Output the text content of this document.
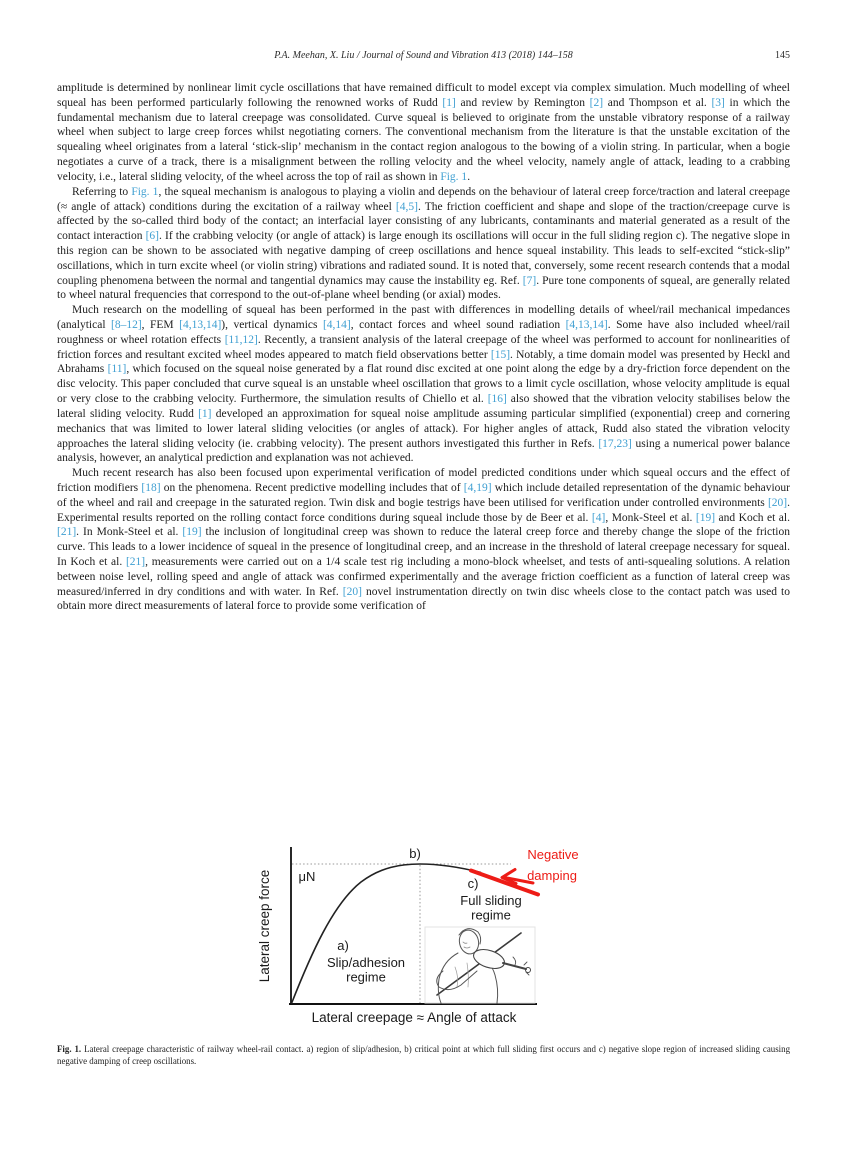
P.A. Meehan, X. Liu / Journal of Sound and Vibration 413 (2018) 144–158	145

amplitude is determined by nonlinear limit cycle oscillations that have remained difficult to model except via complex simulation. Much modelling of wheel squeal has been performed particularly following the renowned works of Rudd [1] and review by Remington [2] and Thompson et al. [3] in which the fundamental mechanism due to lateral creepage was consolidated. Curve squeal is believed to originate from the unstable vibratory response of a railway wheel when subject to large creep forces whilst negotiating corners. The conventional mechanism from the literature is that the unstable excitation of the squealing wheel originates from a lateral ‘stick-slip’ mechanism in the contact region analogous to the bowing of a violin string. In particular, when a bogie negotiates a curve of a track, there is a misalignment between the rolling velocity and the wheel velocity, namely angle of attack, leading to a crabbing velocity, i.e., lateral sliding velocity, of the wheel across the top of rail as shown in Fig. 1.

Referring to Fig. 1, the squeal mechanism is analogous to playing a violin and depends on the behaviour of lateral creep force/traction and lateral creepage (≈ angle of attack) conditions during the excitation of a railway wheel [4,5]. The friction coefficient and shape and slope of the traction/creepage curve is affected by the so-called third body of the contact; an interfacial layer consisting of any lubricants, contaminants and material generated as a result of the contact interaction [6]. If the crabbing velocity (or angle of attack) is large enough its oscillations will occur in the full sliding region c). The negative slope in this region can be shown to be associated with negative damping of creep oscillations and hence squeal instability. This leads to self-excited “stick-slip” oscillations, which in turn excite wheel (or violin string) vibrations and radiated sound. It is noted that, conversely, some recent research contends that a modal coupling phenomena between the normal and tangential dynamics may cause the instability eg. Ref. [7]. Pure tone components of squeal, are generally related to wheel natural frequencies that correspond to the out-of-plane wheel bending (or axial) modes.

Much research on the modelling of squeal has been performed in the past with differences in modelling details of wheel/rail mechanical impedances (analytical [8–12], FEM [4,13,14]), vertical dynamics [4,14], contact forces and wheel sound radiation [4,13,14]. Some have also included wheel/rail roughness or wheel rotation effects [11,12]. Recently, a transient analysis of the lateral creepage of the wheel was performed to account for nonlinearities of friction forces and resultant excited wheel modes appeared to match field observations better [15]. Notably, a time domain model was presented by Heckl and Abrahams [11], which focused on the squeal noise generated by a flat round disc excited at one point along the edge by a dry-friction force dependent on the disc velocity. This paper concluded that curve squeal is an unstable wheel oscillation that grows to a limit cycle oscillation, whose velocity amplitude is equal or very close to the crabbing velocity. Furthermore, the simulation results of Chiello et al. [16] also showed that the vibration velocity stabilises below the lateral sliding velocity. Rudd [1] developed an approximation for squeal noise amplitude assuming particular simplified (exponential) creep and cornering mechanics that was limited to lower lateral sliding velocities (or angles of attack). For higher angles of attack, Rudd also stated the vibration velocity approaches the lateral sliding velocity (ie. crabbing velocity). The present authors investigated this further in Refs. [17,23] using a numerical power balance analysis, however, an analytical prediction and explanation was not achieved.

Much recent research has also been focused upon experimental verification of model predicted conditions under which squeal occurs and the effect of friction modifiers [18] on the phenomena. Recent predictive modelling includes that of [4,19] which include detailed representation of the dynamic behaviour of the wheel and rail and creepage in the saturated region. Twin disk and bogie testrigs have been utilised for verification under controlled environments [20]. Experimental results reported on the rolling contact force conditions during squeal include those by de Beer et al. [4], Monk-Steel et al. [19] and Koch et al. [21]. In Monk-Steel et al. [19] the inclusion of longitudinal creep was shown to reduce the lateral creep force and thereby change the slope of the friction curve. This leads to a lower incidence of squeal in the presence of longitudinal creep, and an increase in the threshold of lateral creepage necessary for squeal. In Koch et al. [21], measurements were carried out on a 1/4 scale test rig including a mono-block wheelset, and tests of anti-squealing solutions. A relation between noise level, rolling speed and angle of attack was confirmed experimentally and the average friction coefficient as a function of lateral creep was measured/inferred in dry conditions and with water. In Ref. [20] novel instrumentation directly on twin disc wheels close to the contact patch was used to obtain more direct measurements of lateral force to provide some verification of

b)
μN	c)
Full sliding
regime
a)
Slip/adhesion
regime
Negative
damping
Lateral creepage ≈ Angle of attack
Lateral creep force
Fig. 1. Lateral creepage characteristic of railway wheel-rail contact. a) region of slip/adhesion, b) critical point at which full sliding first occurs and c) negative slope region of increased sliding causing negative damping of creep oscillations.
